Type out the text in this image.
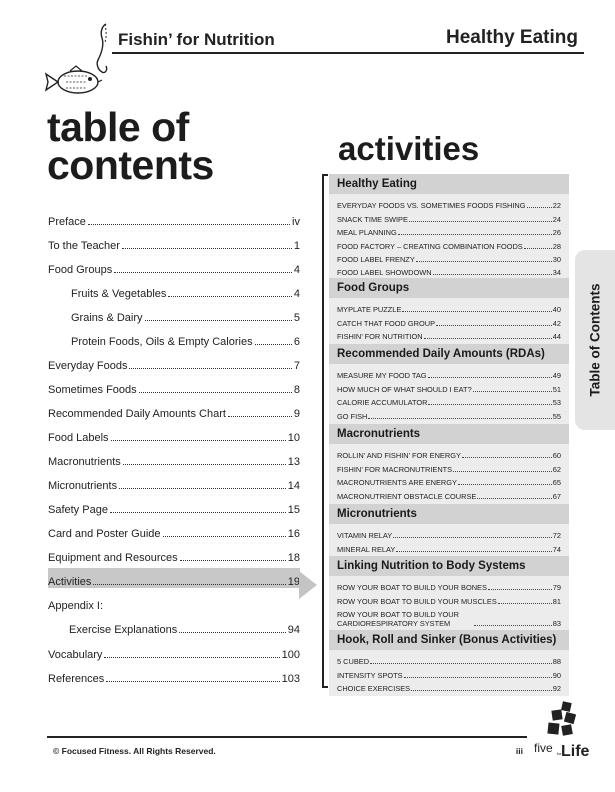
Fishin’ for Nutrition	Healthy Eating
table of
contents	activities
Preface	iv
To the Teacher	1
Food Groups	4
Fruits & Vegetables	4
Grains & Dairy	5
Protein Foods, Oils & Empty Calories	6
Everyday Foods	7
Sometimes Foods	8
Recommended Daily Amounts Chart	9
Food Labels	10
Macronutrients	13
Micronutrients	14
Safety Page	15
Card and Poster Guide	16
Equipment and Resources	18
Activities	19
Appendix I:
Exercise Explanations	94
Vocabulary	100
References	103
Healthy Eating
EVERYDAY FOODS VS. SOMETIMES FOODS FISHING	22
SNACK TIME SWIPE	24
MEAL PLANNING	26
FOOD FACTORY – CREATING COMBINATION FOODS	28
FOOD LABEL FRENZY	30
FOOD LABEL SHOWDOWN	34
Food Groups
MYPLATE PUZZLE	40
CATCH THAT FOOD GROUP	42
FISHIN’ FOR NUTRITION	44
Recommended Daily Amounts (RDAs)
MEASURE MY FOOD TAG	49
HOW MUCH OF WHAT SHOULD I EAT?	51
CALORIE ACCUMULATOR	53
GO FISH	55
Macronutrients
ROLLIN’ AND FISHIN’ FOR ENERGY	60
FISHIN’ FOR MACRONUTRIENTS	62
MACRONUTRIENTS ARE ENERGY	65
MACRONUTRIENT OBSTACLE COURSE	67
Micronutrients
VITAMIN RELAY	72
MINERAL RELAY	74
Linking Nutrition to Body Systems
ROW YOUR BOAT TO BUILD YOUR BONES	79
ROW YOUR BOAT TO BUILD YOUR MUSCLES	81
ROW YOUR BOAT TO BUILD YOUR CARDIORESPIRATORY SYSTEM	83
Hook, Roll and Sinker (Bonus Activities)
5 CUBED	88
INTENSITY SPOTS	90
CHOICE EXERCISES	92
Table of Contents
© Focused Fitness. All Rights Reserved.	iii five for Life
